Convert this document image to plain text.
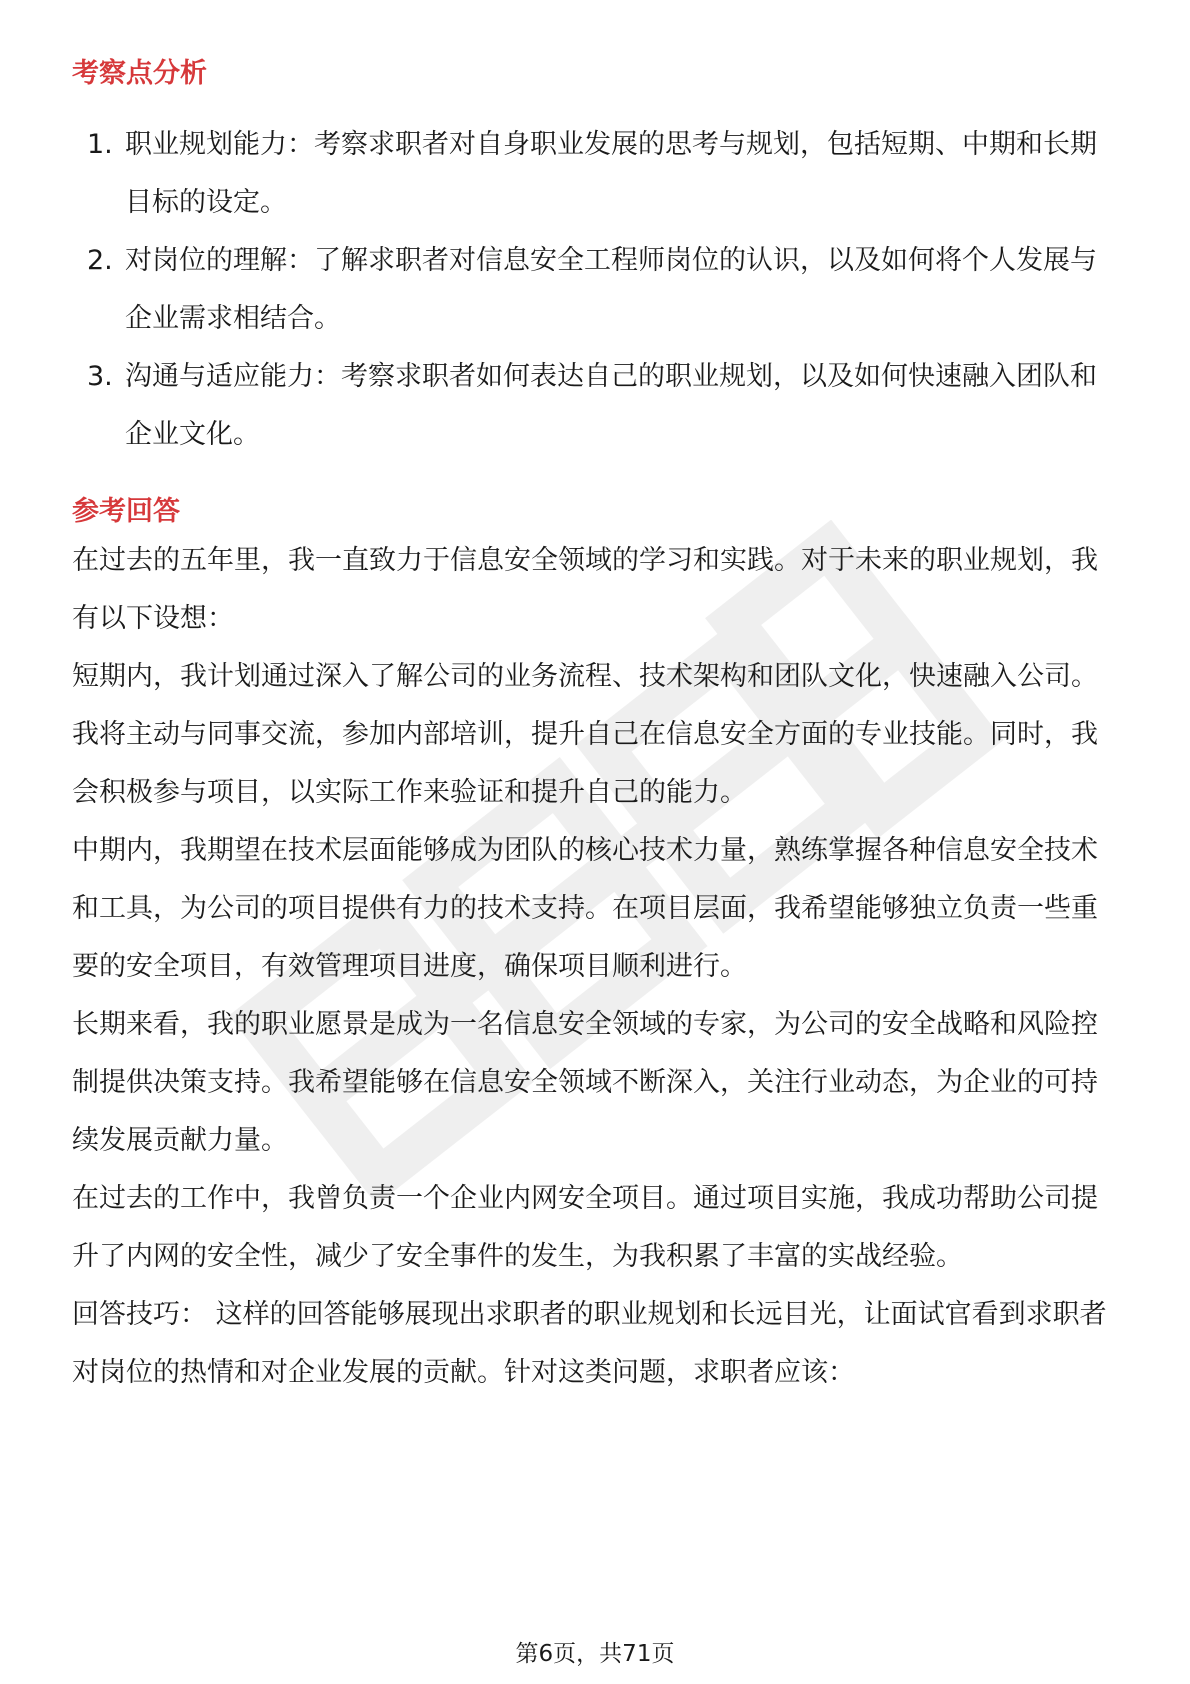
考察点分析
1. 职业规划能力：考察求职者对自身职业发展的思考与规划，包括短期、中期和长期目标的设定。
2. 对岗位的理解：了解求职者对信息安全工程师岗位的认识，以及如何将个人发展与企业需求相结合。
3. 沟通与适应能力：考察求职者如何表达自己的职业规划，以及如何快速融入团队和企业文化。
参考回答

在过去的五年里，我一直致力于信息安全领域的学习和实践。对于未来的职业规划，我有以下设想：

短期内，我计划通过深入了解公司的业务流程、技术架构和团队文化，快速融入公司。我将主动与同事交流，参加内部培训，提升自己在信息安全方面的专业技能。同时，我会积极参与项目，以实际工作来验证和提升自己的能力。

中期内，我期望在技术层面能够成为团队的核心技术力量，熟练掌握各种信息安全技术和工具，为公司的项目提供有力的技术支持。在项目层面，我希望能够独立负责一些重要的安全项目，有效管理项目进度，确保项目顺利进行。

长期来看，我的职业愿景是成为一名信息安全领域的专家，为公司的安全战略和风险控制提供决策支持。我希望能够在信息安全领域不断深入，关注行业动态，为企业的可持续发展贡献力量。

在过去的工作中，我曾负责一个企业内网安全项目。通过项目实施，我成功帮助公司提升了内网的安全性，减少了安全事件的发生，为我积累了丰富的实战经验。

回答技巧： 这样的回答能够展现出求职者的职业规划和长远目光，让面试官看到求职者对岗位的热情和对企业发展的贡献。针对这类问题，求职者应该：

第6页，共71页
